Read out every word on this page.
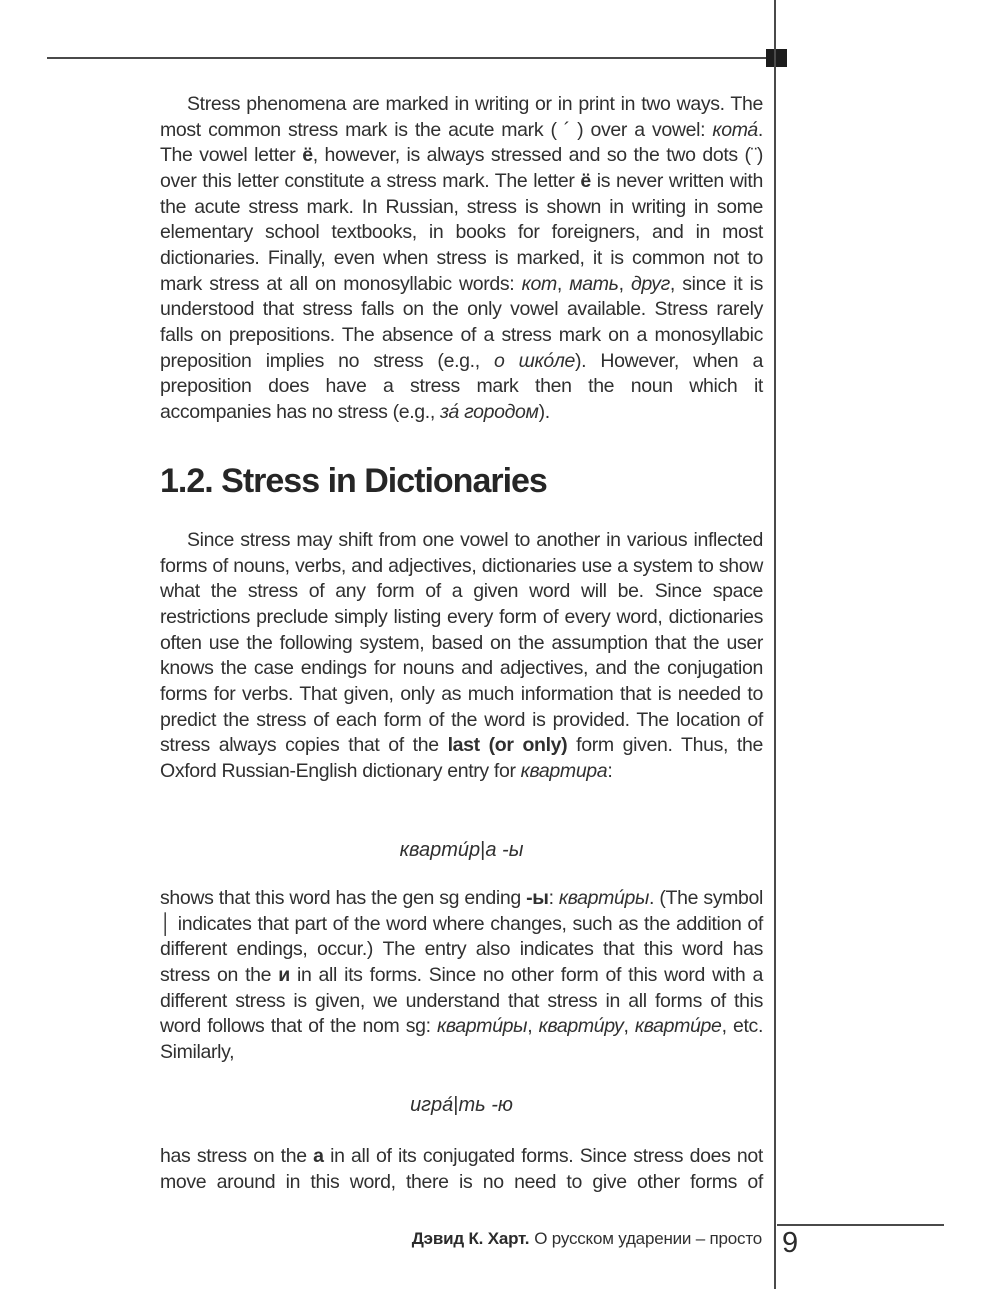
Stress phenomena are marked in writing or in print in two ways. The most common stress mark is the acute mark ( ´ ) over a vowel: кота́. The vowel letter ё, however, is always stressed and so the two dots (¨) over this letter constitute a stress mark. The letter ё is never written with the acute stress mark. In Russian, stress is shown in writing in some elementary school textbooks, in books for foreigners, and in most dictionaries. Finally, even when stress is marked, it is common not to mark stress at all on monosyllabic words: кот, мать, друг, since it is understood that stress falls on the only vowel available. Stress rarely falls on prepositions. The absence of a stress mark on a monosyllabic preposition implies no stress (e.g., о шко́ле). However, when a preposition does have a stress mark then the noun which it accompanies has no stress (e.g., за́ городом).

1.2. Stress in Dictionaries

Since stress may shift from one vowel to another in various inflected forms of nouns, verbs, and adjectives, dictionaries use a system to show what the stress of any form of a given word will be. Since space restrictions preclude simply listing every form of every word, dictionaries often use the following system, based on the assumption that the user knows the case endings for nouns and adjectives, and the conjugation forms for verbs. That given, only as much information that is needed to predict the stress of each form of the word is provided. The location of stress always copies that of the last (or only) form given. Thus, the Oxford Russian-English dictionary entry for квартира:

кварти́р|а -ы

shows that this word has the gen sg ending -ы: кварти́ры. (The symbol │ indicates that part of the word where changes, such as the addition of different endings, occur.) The entry also indicates that this word has stress on the и in all its forms. Since no other form of this word with a different stress is given, we understand that stress in all forms of this word follows that of the nom sg: кварти́ры, кварти́ру, кварти́ре, etc. Similarly,

игра́|ть -ю

has stress on the а in all of its conjugated forms. Since stress does not move around in this word, there is no need to give other forms of

Дэвид К. Харт. О русском ударении – просто 9
